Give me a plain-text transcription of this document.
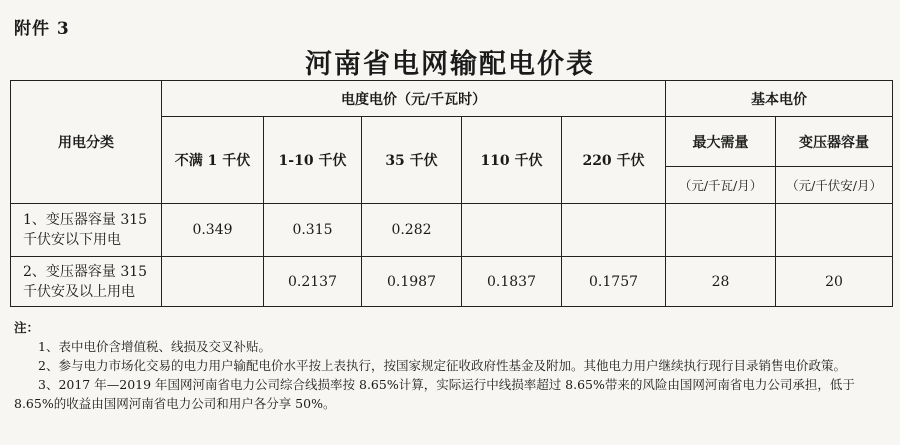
附件 3
河南省电网输配电价表
用电分类	电度电价（元/千瓦时）					基本电价	
	不满 1 千伏	1-10 千伏	35 千伏	110 千伏	220 千伏	最大需量	变压器容量
						（元/千瓦/月）	（元/千伏安/月）

1、变压器容量 315
千伏安以下用电	0.349	0.315	0.282				

2、变压器容量 315
千伏安及以上用电		0.2137	0.1987	0.1837	0.1757	28	20

注：

1、表中电价含增值税、线损及交叉补贴。

2、参与电力市场化交易的电力用户输配电价水平按上表执行，按国家规定征收政府性基金及附加。其他电力用户继续执行现行目录销售电价政策。

3、2017 年—2019 年国网河南省电力公司综合线损率按 8.65%计算，实际运行中线损率超过 8.65%带来的风险由国网河南省电力公司承担，低于 8.65%的收益由国网河南省电力公司和用户各分享 50%。
